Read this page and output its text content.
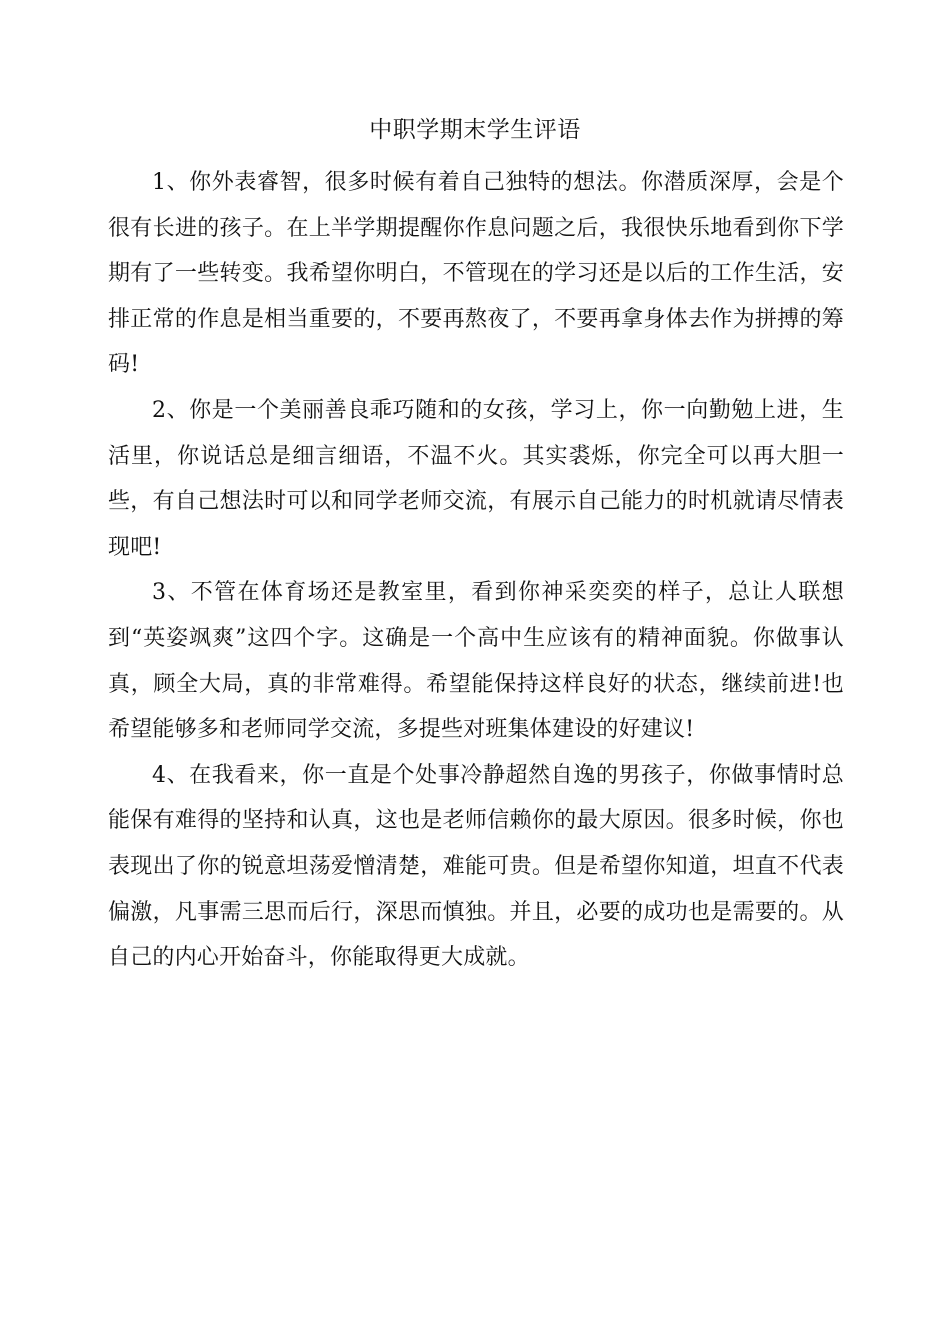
中职学期末学生评语

1、你外表睿智，很多时候有着自己独特的想法。你潜质深厚，会是个很有长进的孩子。在上半学期提醒你作息问题之后，我很快乐地看到你下学期有了一些转变。我希望你明白，不管现在的学习还是以后的工作生活，安排正常的作息是相当重要的，不要再熬夜了，不要再拿身体去作为拼搏的筹码!

2、你是一个美丽善良乖巧随和的女孩，学习上，你一向勤勉上进，生活里，你说话总是细言细语，不温不火。其实裘烁，你完全可以再大胆一些，有自己想法时可以和同学老师交流，有展示自己能力的时机就请尽情表现吧!

3、不管在体育场还是教室里，看到你神采奕奕的样子，总让人联想到“英姿飒爽”这四个字。这确是一个高中生应该有的精神面貌。你做事认真，顾全大局，真的非常难得。希望能保持这样良好的状态，继续前进!也希望能够多和老师同学交流，多提些对班集体建设的好建议!

4、在我看来，你一直是个处事冷静超然自逸的男孩子，你做事情时总能保有难得的坚持和认真，这也是老师信赖你的最大原因。很多时候，你也表现出了你的锐意坦荡爱憎清楚，难能可贵。但是希望你知道，坦直不代表偏激，凡事需三思而后行，深思而慎独。并且，必要的成功也是需要的。从自己的内心开始奋斗，你能取得更大成就。
